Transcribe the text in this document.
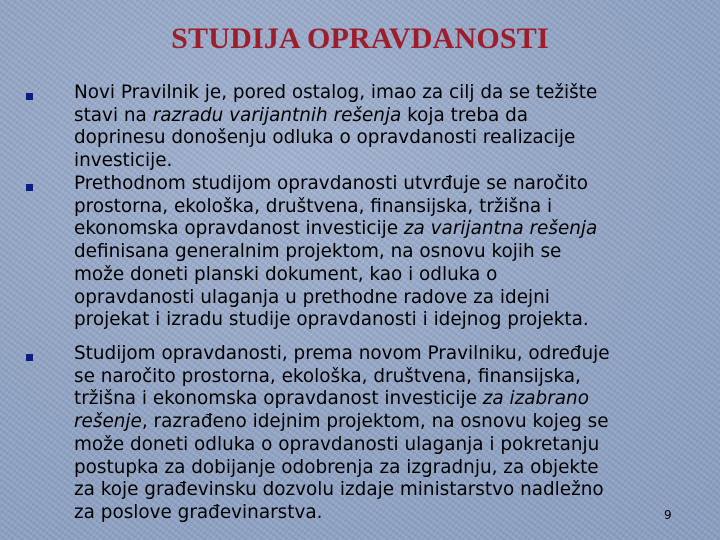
STUDIJA OPRAVDANOSTI
Novi Pravilnik je, pored ostalog, imao za cilj da se težište
stavi na razradu varijantnih rešenja koja treba da
doprinesu donošenju odluka o opravdanosti realizacije
investicije.
Prethodnom studijom opravdanosti utvrđuje se naročito
prostorna, ekološka, društvena, finansijska, tržišna i
ekonomska opravdanost investicije za varijantna rešenja
definisana generalnim projektom, na osnovu kojih se
može doneti planski dokument, kao i odluka o
opravdanosti ulaganja u prethodne radove za idejni
projekat i izradu studije opravdanosti i idejnog projekta.
Studijom opravdanosti, prema novom Pravilniku, određuje
se naročito prostorna, ekološka, društvena, finansijska,
tržišna i ekonomska opravdanost investicije za izabrano
rešenje, razrađeno idejnim projektom, na osnovu kojeg se
može doneti odluka o opravdanosti ulaganja i pokretanju
postupka za dobijanje odobrenja za izgradnju, za objekte
za koje građevinsku dozvolu izdaje ministarstvo nadležno
za poslove građevinarstva.	9
